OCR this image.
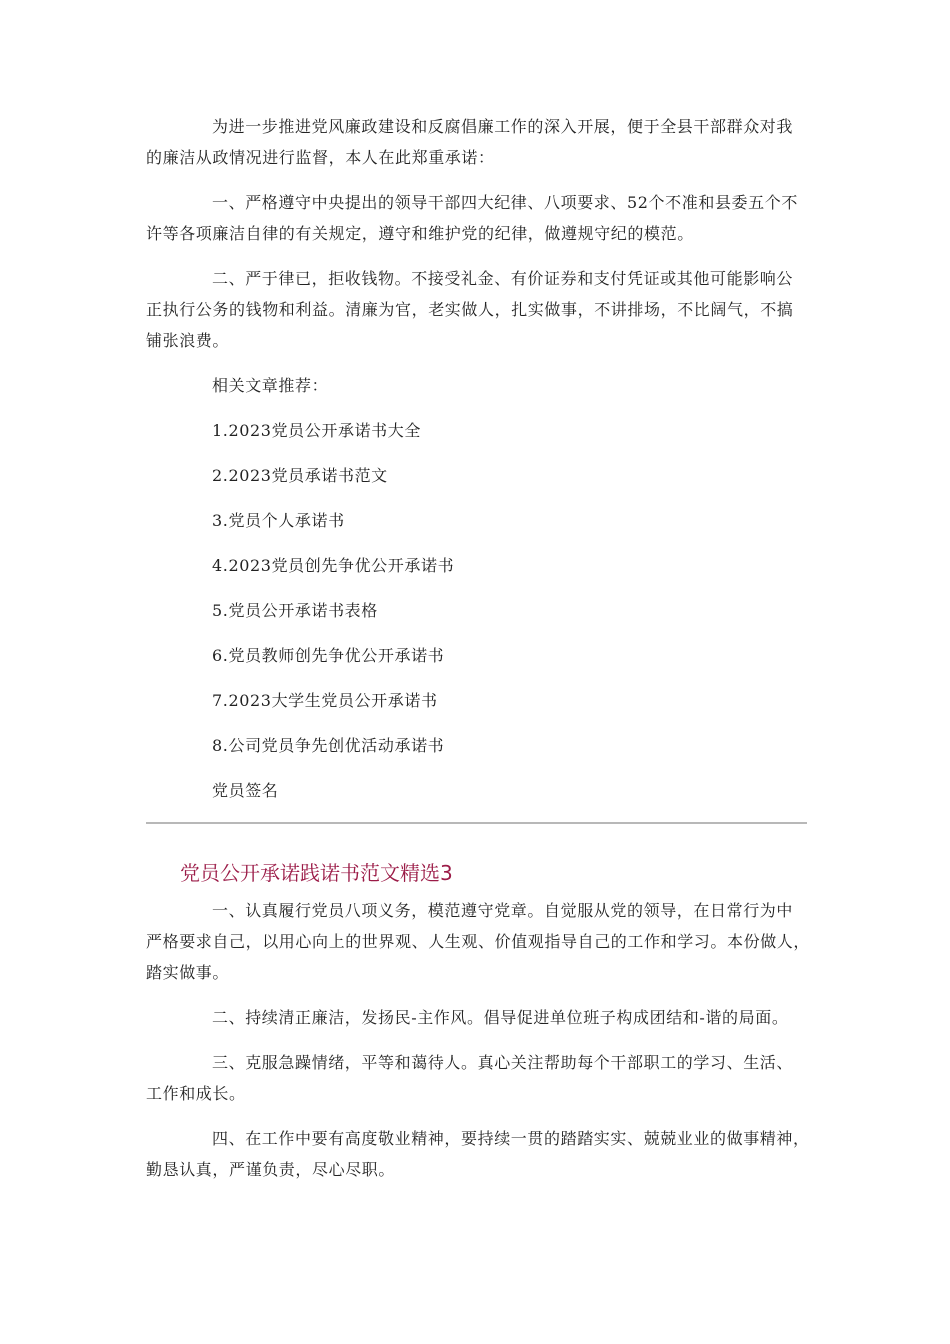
为进一步推进党风廉政建设和反腐倡廉工作的深入开展，便于全县干部群众对我
的廉洁从政情况进行监督，本人在此郑重承诺：
一、严格遵守中央提出的领导干部四大纪律、八项要求、52个不准和县委五个不
许等各项廉洁自律的有关规定，遵守和维护党的纪律，做遵规守纪的模范。
二、严于律已，拒收钱物。不接受礼金、有价证券和支付凭证或其他可能影响公
正执行公务的钱物和利益。清廉为官，老实做人，扎实做事，不讲排场，不比阔气，不搞
铺张浪费。
相关文章推荐：
1.2023党员公开承诺书大全
2.2023党员承诺书范文
3.党员个人承诺书
4.2023党员创先争优公开承诺书
5.党员公开承诺书表格
6.党员教师创先争优公开承诺书
7.2023大学生党员公开承诺书
8.公司党员争先创优活动承诺书
党员签名
党员公开承诺践诺书范文精选3
一、认真履行党员八项义务，模范遵守党章。自觉服从党的领导，在日常行为中
严格要求自己，以用心向上的世界观、人生观、价值观指导自己的工作和学习。本份做人，
踏实做事。
二、持续清正廉洁，发扬民-主作风。倡导促进单位班子构成团结和-谐的局面。
三、克服急躁情绪，平等和蔼待人。真心关注帮助每个干部职工的学习、生活、
工作和成长。
四、在工作中要有高度敬业精神，要持续一贯的踏踏实实、兢兢业业的做事精神，
勤恳认真，严谨负责，尽心尽职。
